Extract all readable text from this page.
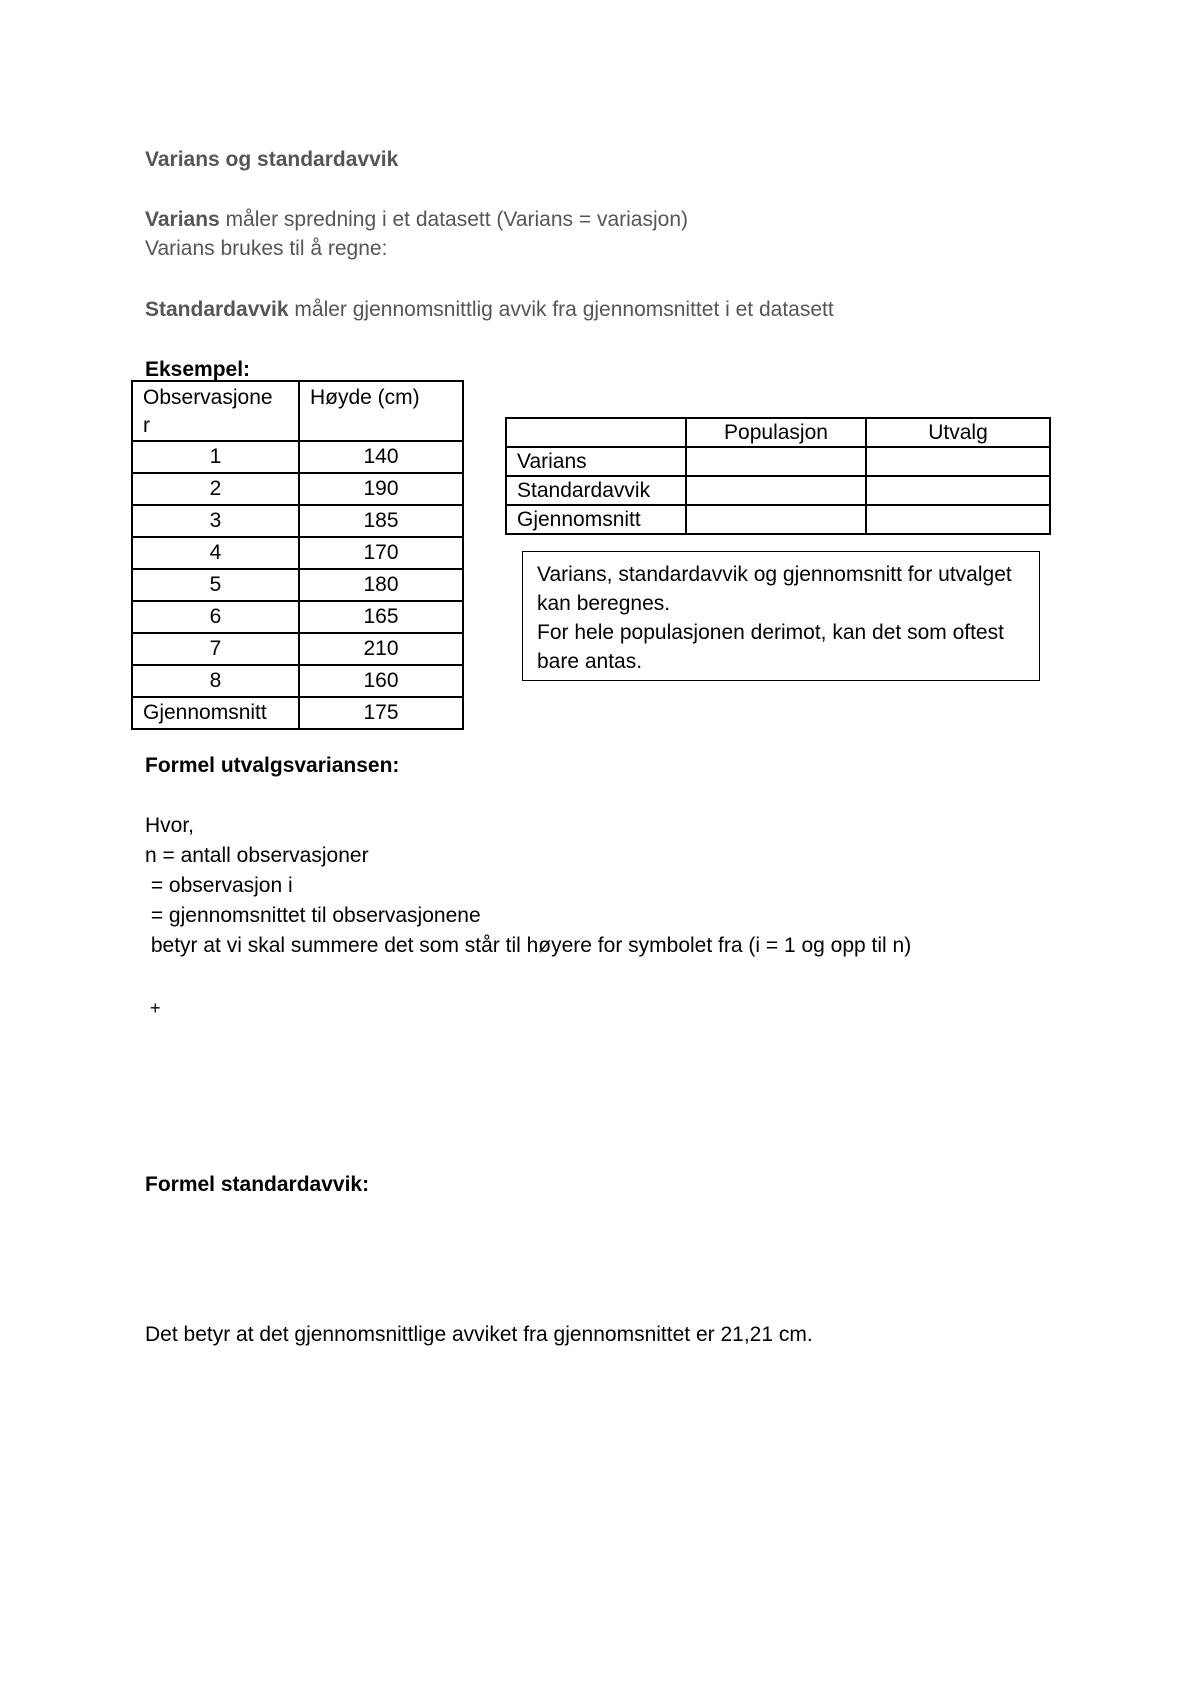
Varians og standardavvik
Varians måler spredning i et datasett (Varians = variasjon)
Varians brukes til å regne:
Standardavvik måler gjennomsnittlig avvik fra gjennomsnittet i et datasett
Eksempel:
Observasjone
r	Høyde (cm)
1	140
2	190
3	185
4	170
5	180
6	165
7	210
8	160
Gjennomsnitt	175
	Populasjon	Utvalg
Varians		
Standardavvik		
Gjennomsnitt		
Varians, standardavvik og gjennomsnitt for utvalget
kan beregnes.
For hele populasjonen derimot, kan det som oftest
bare antas.
Formel utvalgsvariansen:
Hvor,
n = antall observasjoner
= observasjon i
= gjennomsnittet til observasjonene
betyr at vi skal summere det som står til høyere for symbolet fra (i = 1 og opp til n)
+
Formel standardavvik:
Det betyr at det gjennomsnittlige avviket fra gjennomsnittet er 21,21 cm.
